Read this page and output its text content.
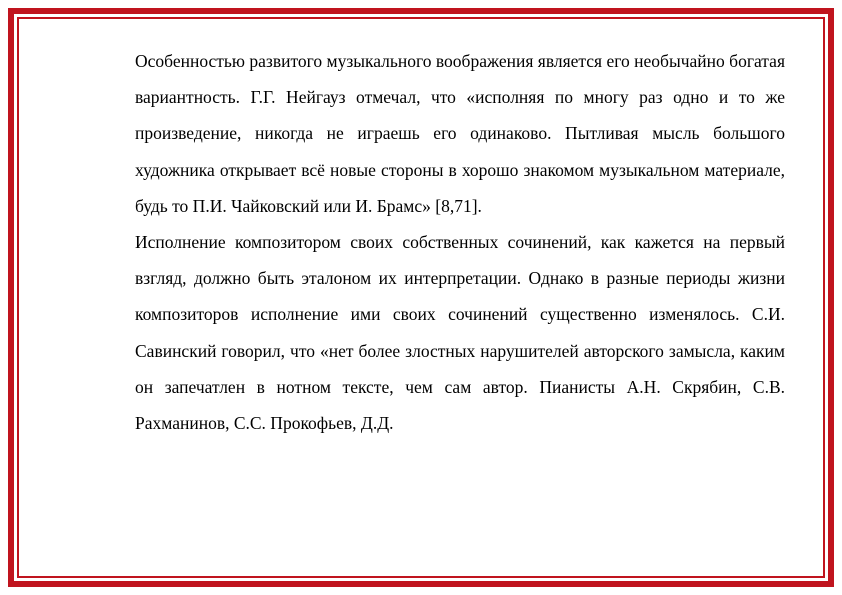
Особенностью развитого музыкального воображения является его необычайно богатая вариантность. Г.Г. Нейгауз отмечал, что «исполняя по многу раз одно и то же произведение, никогда не играешь его одинаково. Пытливая мысль большого художника открывает всё новые стороны в хорошо знакомом музыкальном материале, будь то П.И. Чайковский или И. Брамс» [8,71].

Исполнение композитором своих собственных сочинений, как кажется на первый взгляд, должно быть эталоном их интерпретации. Однако в разные периоды жизни композиторов исполнение ими своих сочинений существенно изменялось. С.И. Савинский говорил, что «нет более злостных нарушителей авторского замысла, каким он запечатлен в нотном тексте, чем сам автор. Пианисты А.Н. Скрябин, С.В. Рахманинов, С.С. Прокофьев, Д.Д.
